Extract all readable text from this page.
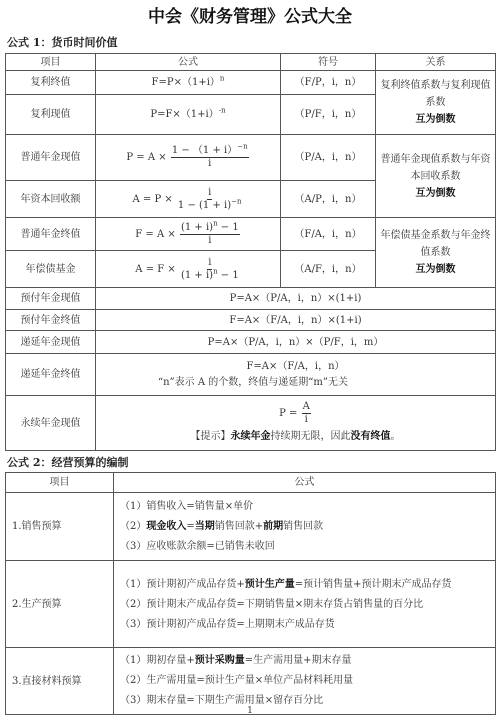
中会《财务管理》公式大全
公式 1：货币时间价值
项目	公式	符号	关系
复利终值	$F=P\times(1+i)^n$	（F/P，i，n）	复利终值系数与复利现值系数
互为倒数
复利现值	$P=F\times(1+i)^{-n}$	（P/F，i，n）	
普通年金现值	$P = A \times \frac{1 - (1 + i)^{-n}}{i}$	（P/A，i，n）	普通年金现值系数与年资本回收系数
互为倒数
年资本回收额	$A = P \times \frac{i}{1 - (1 + i)^{-n}}$	（A/P，i，n）	
普通年金终值	$F = A \times \frac{(1 + i)^n - 1}{i}$	（F/A，i，n）	年偿债基金系数与年金终值系数
互为倒数
年偿债基金	$A = F \times \frac{i}{(1 + i)^n - 1}$	（A/F，i，n）	
预付年金现值	P=A×（P/A，i，n）×(1+i)		
预付年金终值	F=A×（F/A，i，n）×(1+i)		
递延年金现值	P=A×（P/A，i，n）×（P/F，i，m）		
递延年金终值	F=A×（F/A，i，n）
“n”表示 A 的个数，终值与递延期“m”无关		

永续年金现值	$P = \frac{A}{i}$
【提示】永续年金持续期无限，因此没有终值。		
公式 2：经营预算的编制
项目	公式
1.销售预算	（1）销售收入=销售量×单价
（2）现金收入=当期销售回款+前期销售回款
（3）应收账款余额=已销售未收回

2.生产预算	（1）预计期初产成品存货+预计生产量=预计销售量+预计期末产成品存货
（2）预计期末产成品存货=下期销售量×期末存货占销售量的百分比
（3）预计期初产成品存货=上期期末产成品存货

3.直接材料预算	（1）期初存量+预计采购量=生产需用量+期末存量
（2）生产需用量=预计生产量×单位产品材料耗用量
（3）期末存量=下期生产需用量×留存百分比
1
